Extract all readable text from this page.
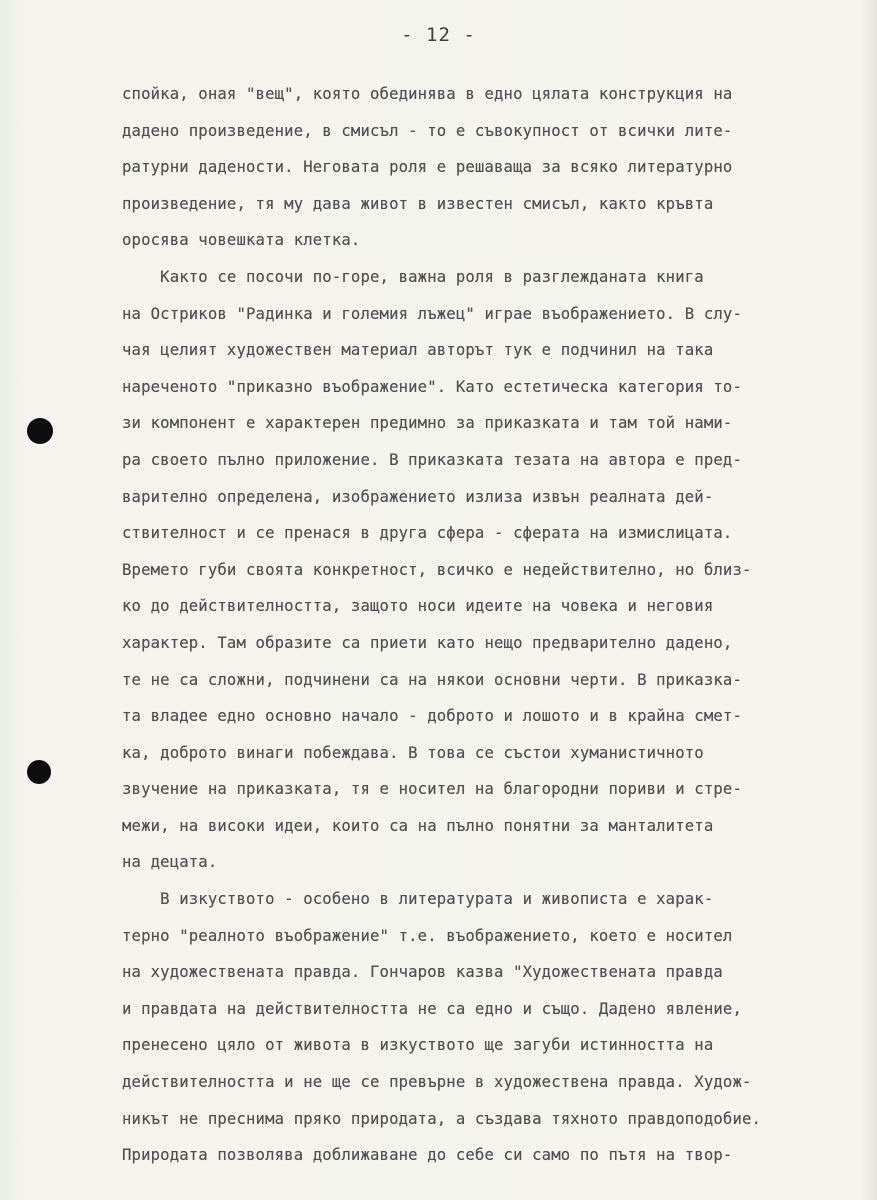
- 12 -
спойка, оная "вещ", която обединява в едно цялата конструкция на
дадено произведение, в смисъл - то е съвокупност от всички лите-
ратурни дадености. Неговата роля е решаваща за всяко литературно
произведение, тя му дава живот в известен смисъл, както кръвта
оросява човешката клетка.
Както се посочи по-горе, важна роля в разглежданата книга
на Остриков "Радинка и големия лъжец" играе въображението. В слу-
чая целият художествен материал авторът тук е подчинил на така
нареченото "приказно въображение". Като естетическа категория то-
зи компонент е характерен предимно за приказката и там той нами-
ра своето пълно приложение. В приказката тезата на автора е пред-
варително определена, изображението излиза извън реалната дей-
ствителност и се пренася в друга сфера - сферата на измислицата.
Времето губи своята конкретност, всичко е недействително, но близ-
ко до действителността, защото носи идеите на човека и неговия
характер. Там образите са приети като нещо предварително дадено,
те не са сложни, подчинени са на някои основни черти. В приказка-
та владее едно основно начало - доброто и лошото и в крайна смет-
ка, доброто винаги побеждава. В това се състои хуманистичното
звучение на приказката, тя е носител на благородни пориви и стре-
межи, на високи идеи, които са на пълно понятни за манталитета
на децата.
В изкуството - особено в литературата и живописта е харак-
терно "реалното въображение" т.е. въображението, което е носител
на художествената правда. Гончаров казва "Художествената правда
и правдата на действителността не са едно и също. Дадено явление,
пренесено цяло от живота в изкуството ще загуби истинността на
действителността и не ще се превърне в художествена правда. Худож-
никът не преснима пряко природата, а създава тяхното правдоподобие.
Природата позволява доближаване до себе си само по пътя на твор-
